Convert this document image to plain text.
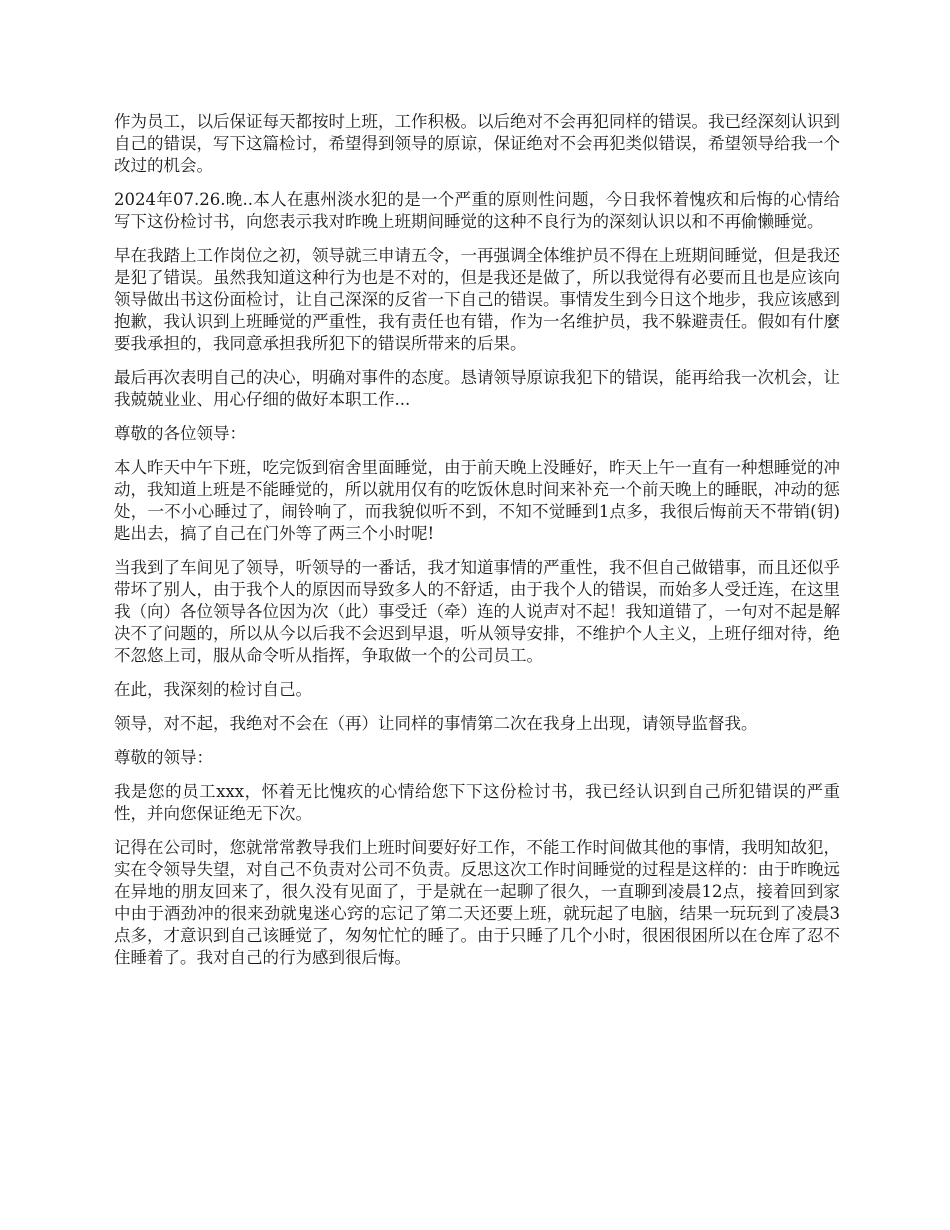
作为员工，以后保证每天都按时上班，工作积极。以后绝对不会再犯同样的错误。我已经深刻认识到自己的错误，写下这篇检讨，希望得到领导的原谅，保证绝对不会再犯类似错误，希望领导给我一个改过的机会。

2024年07.26.晚..本人在惠州淡水犯的是一个严重的原则性问题，今日我怀着愧疚和后悔的心情给写下这份检讨书，向您表示我对昨晚上班期间睡觉的这种不良行为的深刻认识以和不再偷懒睡觉。

早在我踏上工作岗位之初，领导就三申请五令，一再强调全体维护员不得在上班期间睡觉，但是我还是犯了错误。虽然我知道这种行为也是不对的，但是我还是做了，所以我觉得有必要而且也是应该向领导做出书这份面检讨，让自己深深的反省一下自己的错误。事情发生到今日这个地步，我应该感到抱歉，我认识到上班睡觉的严重性，我有责任也有错，作为一名维护员，我不躲避责任。假如有什麼要我承担的，我同意承担我所犯下的错误所带来的后果。

最后再次表明自己的决心，明确对事件的态度。恳请领导原谅我犯下的错误，能再给我一次机会，让我兢兢业业、用心仔细的做好本职工作...

尊敬的各位领导：

本人昨天中午下班，吃完饭到宿舍里面睡觉，由于前天晚上没睡好，昨天上午一直有一种想睡觉的冲动，我知道上班是不能睡觉的，所以就用仅有的吃饭休息时间来补充一个前天晚上的睡眠，冲动的惩处，一不小心睡过了，闹铃响了，而我貌似听不到，不知不觉睡到1点多，我很后悔前天不带销(钥)匙出去，搞了自己在门外等了两三个小时呢!

当我到了车间见了领导，听领导的一番话，我才知道事情的严重性，我不但自己做错事，而且还似乎带坏了别人，由于我个人的原因而导致多人的不舒适，由于我个人的错误，而始多人受迁连，在这里我（向）各位领导各位因为次（此）事受迁（牵）连的人说声对不起！我知道错了，一句对不起是解决不了问题的，所以从今以后我不会迟到早退，听从领导安排，不维护个人主义，上班仔细对待，绝不忽悠上司，服从命令听从指挥，争取做一个的公司员工。

在此，我深刻的检讨自己。

领导，对不起，我绝对不会在（再）让同样的事情第二次在我身上出现，请领导监督我。

尊敬的领导：

我是您的员工xxx，怀着无比愧疚的心情给您下下这份检讨书，我已经认识到自己所犯错误的严重性，并向您保证绝无下次。

记得在公司时，您就常常教导我们上班时间要好好工作，不能工作时间做其他的事情，我明知故犯，实在令领导失望，对自己不负责对公司不负责。反思这次工作时间睡觉的过程是这样的：由于昨晚远在异地的朋友回来了，很久没有见面了，于是就在一起聊了很久，一直聊到凌晨12点，接着回到家中由于酒劲冲的很来劲就鬼迷心窍的忘记了第二天还要上班，就玩起了电脑，结果一玩玩到了凌晨3点多，才意识到自己该睡觉了，匆匆忙忙的睡了。由于只睡了几个小时，很困很困所以在仓库了忍不住睡着了。我对自己的行为感到很后悔。
